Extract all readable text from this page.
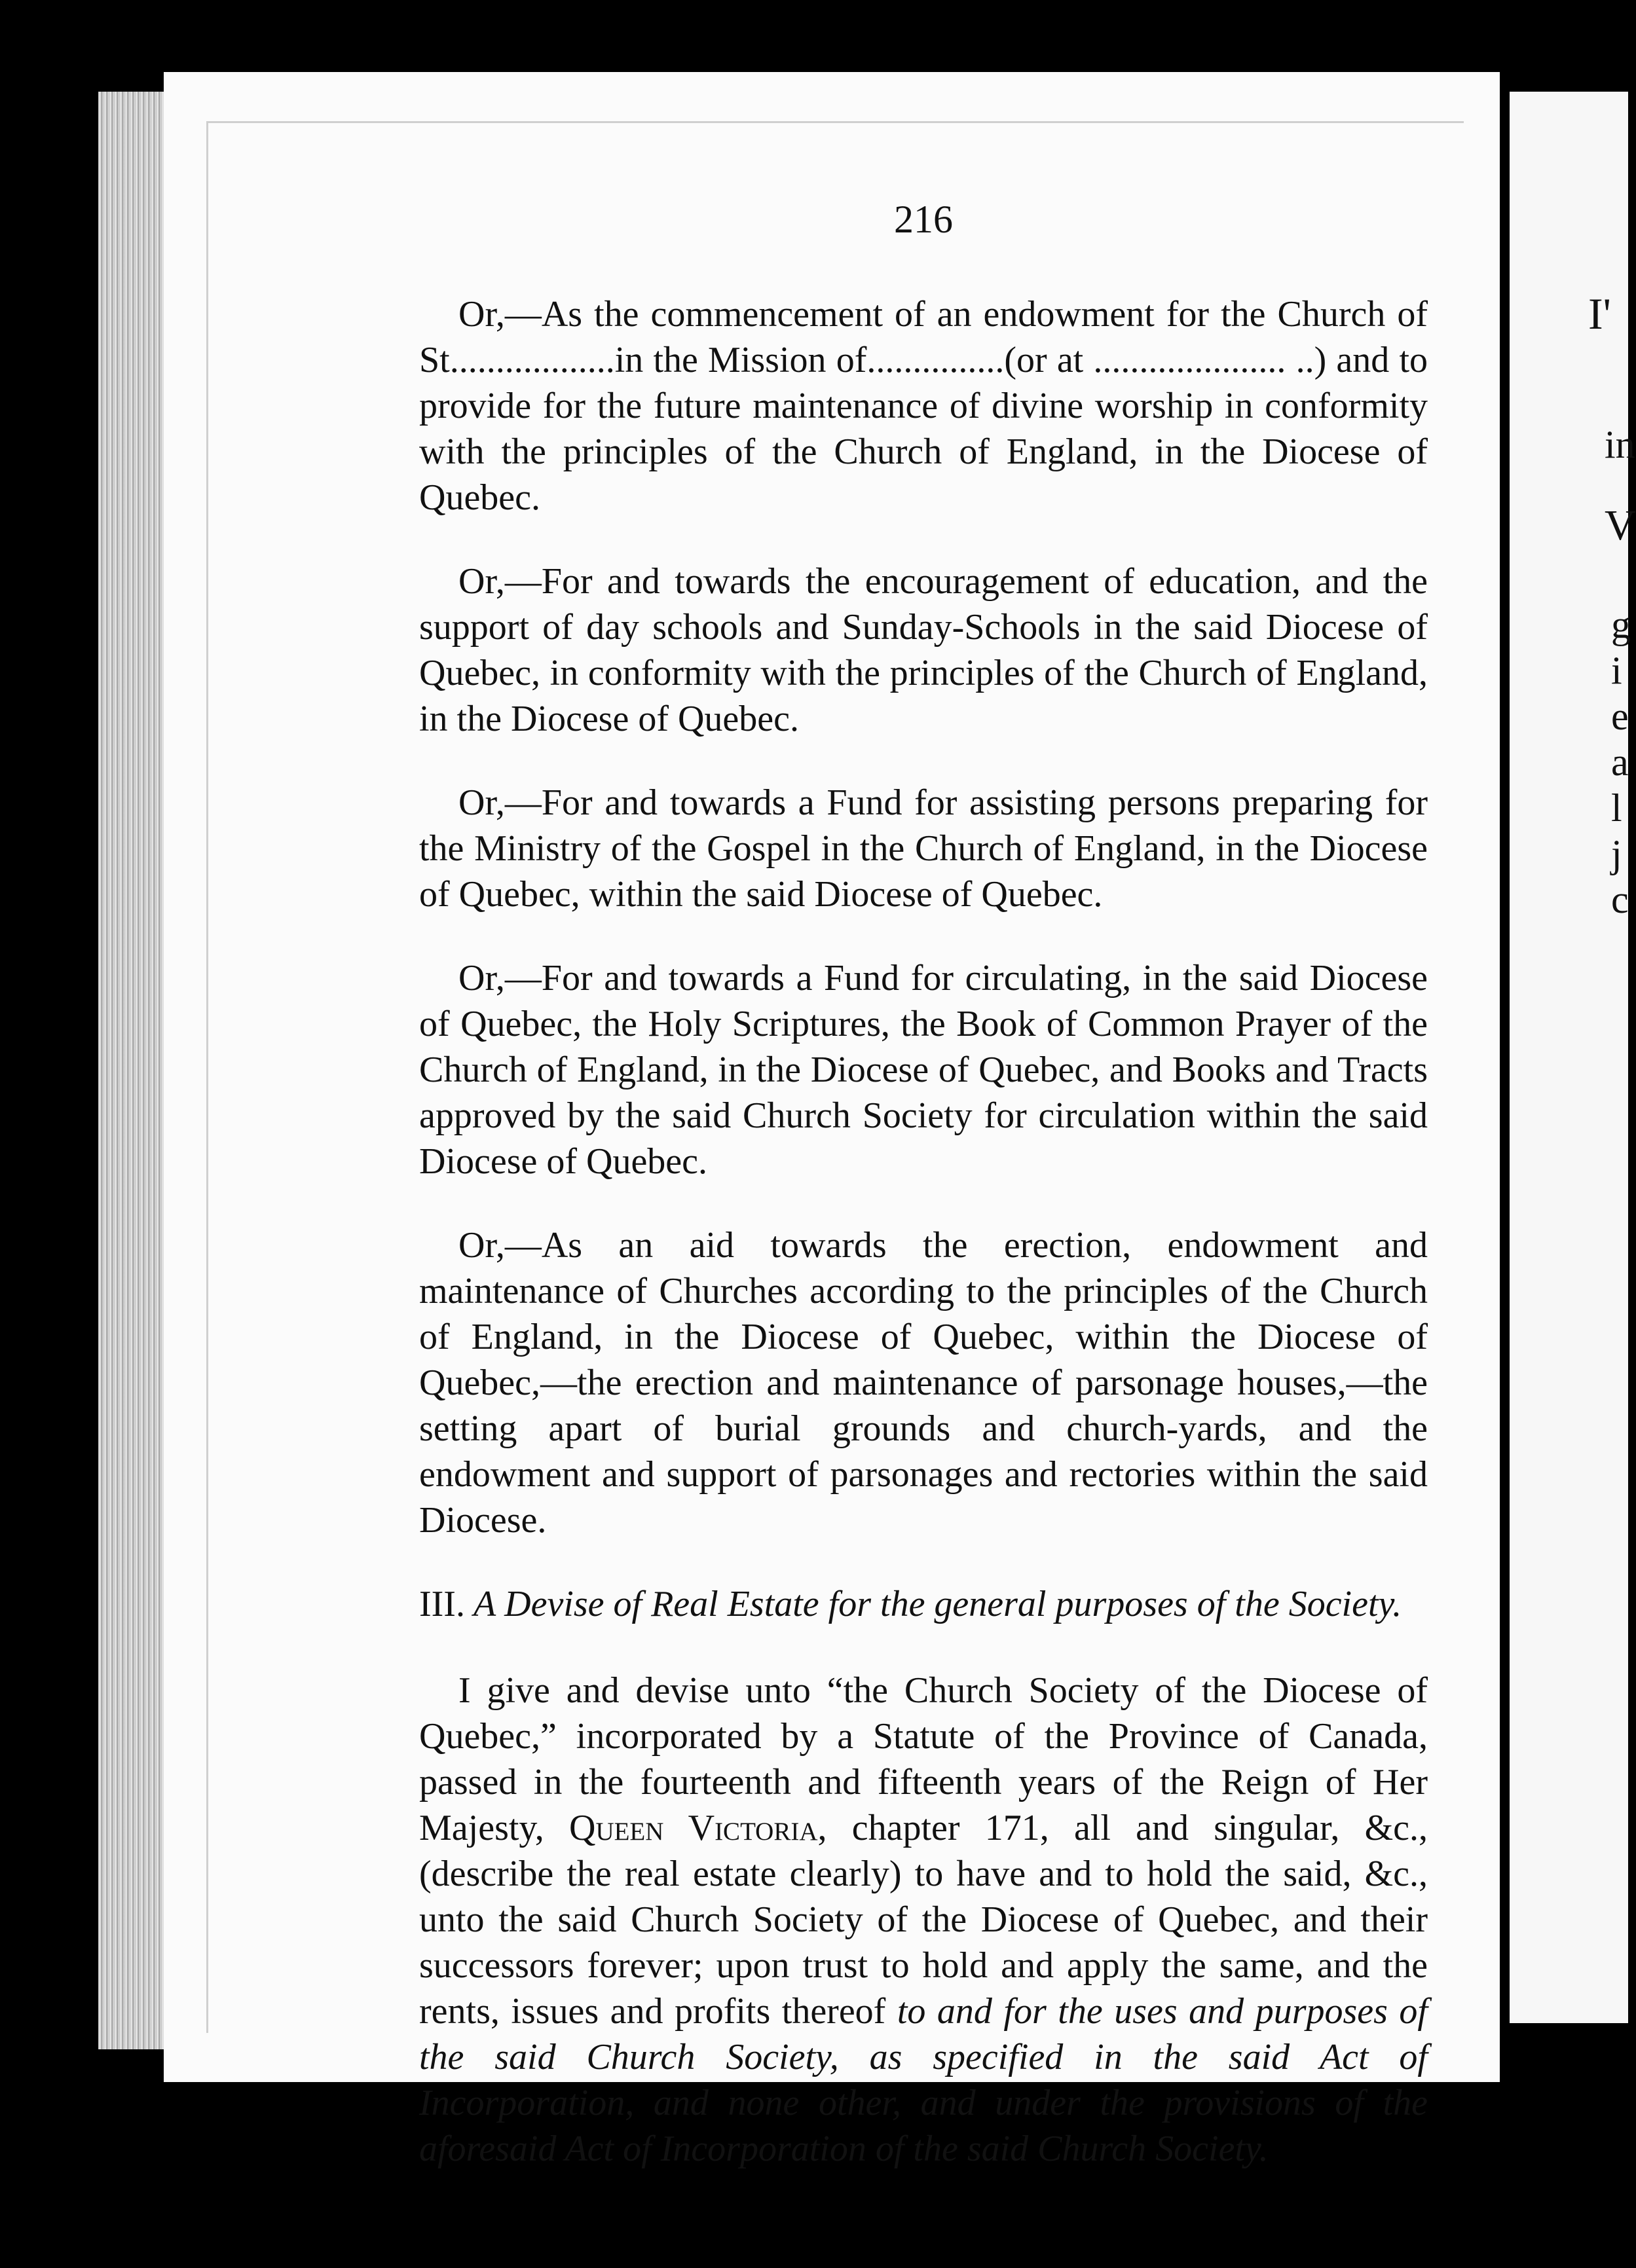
I'
in
V
g
i
e
a
l
j
c
216

Or,—As the commencement of an endowment for the Church of St..................in the Mission of...............(or at ..................... ..) and to provide for the future maintenance of divine worship in conformity with the principles of the Church of England, in the Diocese of Quebec.

Or,—For and towards the encouragement of education, and the support of day schools and Sunday-Schools in the said Diocese of Quebec, in conformity with the principles of the Church of England, in the Diocese of Quebec.

Or,—For and towards a Fund for assisting persons preparing for the Ministry of the Gospel in the Church of England, in the Diocese of Quebec, within the said Diocese of Quebec.

Or,—For and towards a Fund for circulating, in the said Diocese of Quebec, the Holy Scriptures, the Book of Common Prayer of the Church of England, in the Diocese of Quebec, and Books and Tracts approved by the said Church Society for circulation within the said Diocese of Quebec.

Or,—As an aid towards the erection, endowment and maintenance of Churches according to the principles of the Church of England, in the Diocese of Quebec, within the Diocese of Quebec,—the erection and maintenance of parsonage houses,—the setting apart of burial grounds and church-yards, and the endowment and support of parsonages and rectories within the said Diocese.

III. A Devise of Real Estate for the general purposes of the Society.

I give and devise unto “the Church Society of the Diocese of Quebec,” incorporated by a Statute of the Province of Canada, passed in the fourteenth and fifteenth years of the Reign of Her Majesty, Queen Victoria, chapter 171, all and singular, &c., (describe the real estate clearly) to have and to hold the said, &c., unto the said Church Society of the Diocese of Quebec, and their successors forever; upon trust to hold and apply the same, and the rents, issues and profits thereof to and for the uses and purposes of the said Church Society, as specified in the said Act of Incorporation, and none other, and under the provisions of the aforesaid Act of Incorporation of the said Church Society.
